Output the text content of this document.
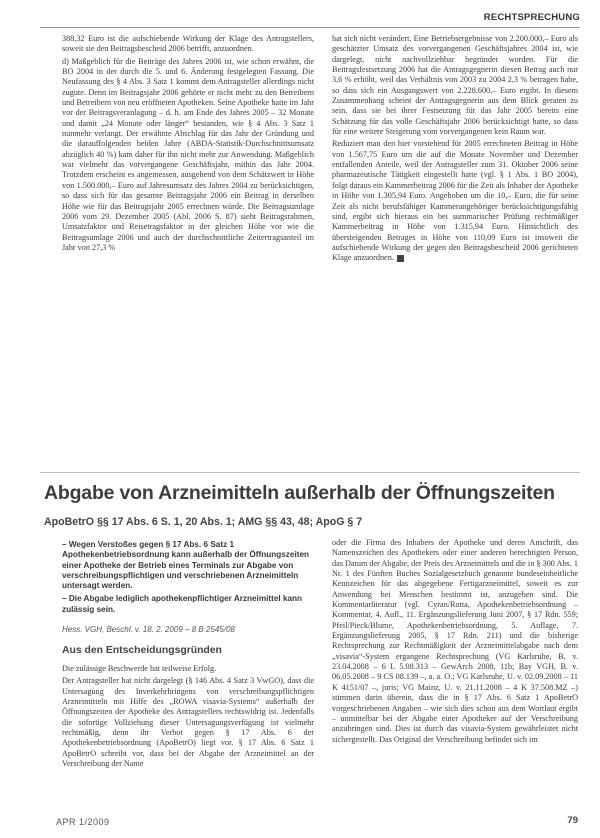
RECHTSPRECHUNG

388,32 Euro ist die aufschiebende Wirkung der Klage des Antragstellers, soweit sie den Beitragsbescheid 2006 betrifft, anzuordnen.

d) Maßgeblich für die Beiträge des Jahres 2006 ist, wie schon erwähnt, die BO 2004 in der durch die 5. und 6. Änderung festgelegten Fassung. Die Neufassung des § 4 Abs. 3 Satz 1 kommt dem Antragsteller allerdings nicht zugute. Denn im Beitragsjahr 2006 gehörte er nicht mehr zu den Betreibern und Betreibern von neu eröffneten Apotheken. Seine Apotheke hatte im Jahr vor der Beitragsveranlagung – d. h. am Ende des Jahres 2005 – 32 Monate und damit „24 Monate oder länger“ bestanden, wie § 4 Abs. 3 Satz 1 nunmehr verlangt. Der erwähnte Abschlag für das Jahr der Gründung und die darauffolgenden beiden Jahre (ABDA-Statistik-Durchschnittsumsatz abzüglich 40 %) kam daher für ihn nicht mehr zur Anwendung. Maßgeblich war vielmehr das vorvergangene Geschäftsjahr, mithin das Jahr 2004. Trotzdem erscheint es angemessen, ausgehend von dem Schätzwert in Höhe von 1.500.000,– Euro auf Jahresumsatz des Jahres 2004 zu berücksichtigen, so dass sich für das gesamte Beitragsjahr 2006 ein Beitrag in derselben Höhe wie für das Beitragsjahr 2005 errechnen würde. Die Beitragsumlage 2006 vom 29. Dezember 2005 (Abl. 2006 S. 87) sieht Beitragsrahmen, Umsatzfaktor und Reisetragsfaktor in der gleichen Höhe vor wie die Beitragsumlage 2006 und auch der durchschnittliche Zeitertragsanteil im Jahr von 27,3 %

hat sich nicht verändert. Eine Betriebsergebnisse von 2.200.000,– Euro als geschätzter Umsatz des vorvergangenen Geschäftsjahres 2004 ist, wie dargelegt, nicht nachvollziehbar begründet worden. Für die Beitragsfestsetzung 2006 hat die Antragsgegnerin diesen Betrag auch nur 3,6 % erhöht, weil das Verhältnis von 2003 zu 2004 2,3 % betragen habe, so dass sich ein Ausgangswert von 2.228.600,– Euro ergibt. In diesem Zusammenhang scheint der Antragsgegnerin aus dem Blick geraten zu sein, dass sie bei ihrer Festsetzung für das Jahr 2005 bereits eine Schätzung für das volle Geschäftsjahr 2006 berücksichtigt hatte, so dass für eine weitere Steigerung vom vorvergangenen kein Raum war.

Reduziert man den hier vorstehend für 2005 errechneten Beitrag in Höhe von 1.567,75 Euro um die auf die Monate November und Dezember entfallenden Anteile, weil der Antragsteller zum 31. Oktober 2006 seine pharmazeutische Tätigkeit eingestellt hatte (vgl. § 1 Abs. 1 BO 2004), folgt daraus ein Kammerbeitrag 2006 für die Zeit als Inhaber der Apotheke in Höhe von 1.305,94 Euro. Angehoben um die 10,– Euro, die für seine Zeit als nicht berufsfähiger Kammerangehöriger berücksichtigungsfähig sind, ergibt sich hieraus ein bei summarischer Prüfung rechtmäßiger Kammerbeitrag in Höhe von 1.315,94 Euro. Hinsichtlich des übersteigenden Betrages in Höhe von 110,09 Euro ist insoweit die aufschiebende Wirkung der gegen den Beitragsbescheid 2006 gerichteten Klage anzuordnen.

Abgabe von Arzneimitteln außerhalb der Öffnungszeiten
ApoBetrO §§ 17 Abs. 6 S. 1, 20 Abs. 1; AMG §§ 43, 48; ApoG § 7

– Wegen Verstoßes gegen § 17 Abs. 6 Satz 1 Apothekenbetriebsordnung kann außerhalb der Öffnungszeiten einer Apotheke der Betrieb eines Terminals zur Abgabe von verschreibungspflichtigen und verschriebenen Arzneimitteln untersagt werden.

– Die Abgabe lediglich apothekenpflichtiger Arzneimittel kann zulässig sein.

Hess. VGH, Beschl. v. 18. 2. 2009 – 8 B 2545/08
Aus den Entscheidungsgründen

Die zulässige Beschwerde hat teilweise Erfolg.

Der Antragsteller hat nicht dargelegt (§ 146 Abs. 4 Satz 3 VwGO), dass die Untersagung des Inverkehrbringens von verschreibungspflichtigen Arzneimitteln mit Hilfe des „ROWA visavia-Systems“ außerhalb der Öffnungszeiten der Apotheke des Antragstellers rechtswidrig ist. Jedenfalls die sofortige Vollziehung dieser Untersagungsverfügung ist vielmehr rechtmäßig, denn ihr Verbot gegen § 17 Abs. 6 der Apothekenbetriebsordnung (ApoBetrO) liegt vor. § 17 Abs. 6 Satz 1 ApoBetrO schreibt vor, dass bei der Abgabe der Arzneimittel an der Verschreibung der Name

oder die Firma des Inhabers der Apotheke und deren Anschrift, das Namenszeichen des Apothekers oder einer anderen berechtigten Person, das Datum der Abgabe, der Preis des Arzneimittels und die in § 300 Abs. 1 Nr. 1 des Fünften Buches Sozialgesetzbuch genannte bundeseinheitliche Kennzeichen für das abgegebene Fertigarzneimittel, soweit es zur Anwendung bei Menschen bestimmt ist, anzugeben sind. Die Kommentarliteratur (vgl. Cyran/Rotta, Apothekenbetriebsordnung – Kommentar, 4. Aufl., 11. Ergänzungslieferung Juni 2007, § 17 Rdn. 559; Pfeil/Pieck/Blume, Apothekenbetriebsordnung, 5. Auflage, 7. Ergänzungslieferung 2005, § 17 Rdn. 211) und die bisherige Rechtsprechung zur Rechtmäßigkeit der Arzneimittelabgabe nach dem „visavia“-System ergangene Rechtsprechung (VG Karlsruhe, B. v. 23.04.2008 – 6 L 5.08.313 – GewArch 2008, 11b; Bay VGH, B. v. 06.05.2008 – 9 CS 08.139 –, a. a. O.; VG Karlsruhe, U. v. 02.09.2008 – 11 K 4151/07 –, juris; VG Mainz, U. v. 21.11.2008 – 4 K 37.508.MZ –) stimmen darin überein, dass die in § 17 Abs. 6 Satz 1 ApoBetrO vorgeschriebenen Angaben – wie sich dies schon aus dem Wortlaut ergibt – unmittelbar bei der Abgabe einer Apotheker auf der Verschreibung anzubringen sind. Dies ist durch das visavia-System gewährleistet nicht sichergestellt. Das Original der Verschreibung befindet sich im

APR 1/2009	79
